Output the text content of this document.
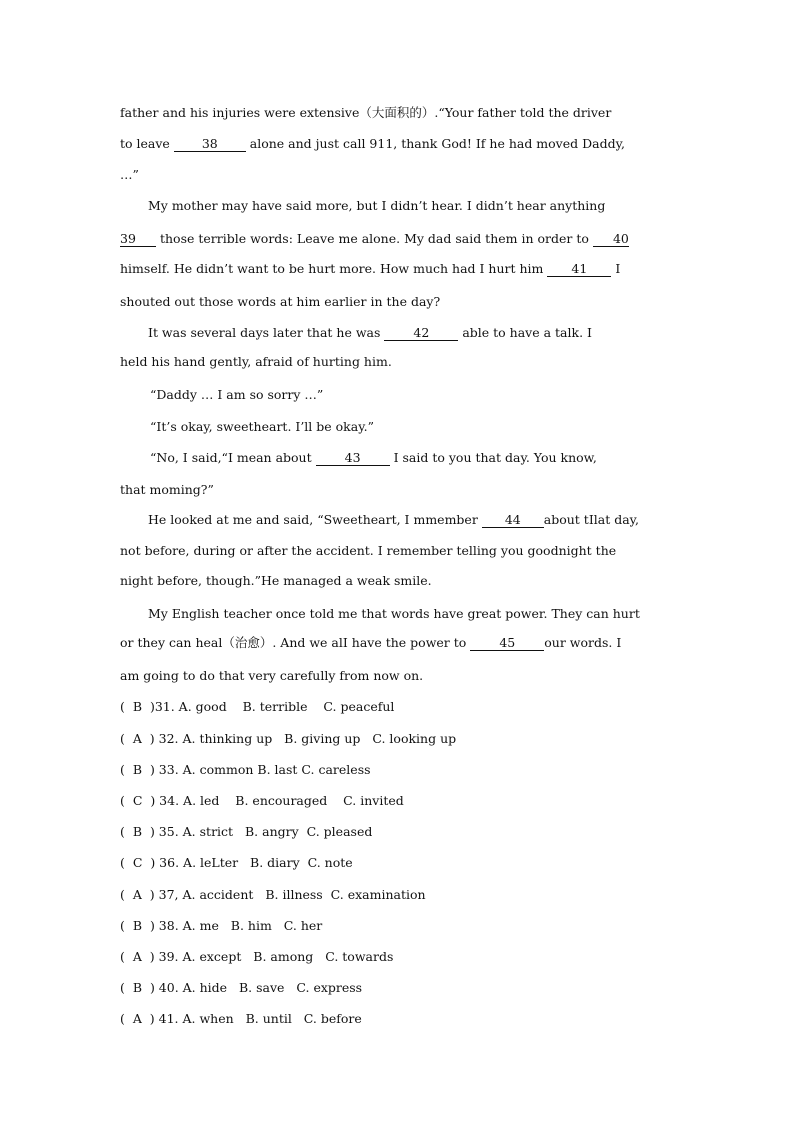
father and his injuries were extensive（大面积的）.“Your father told the driver
to leave 38 alone and just call 911, thank God! If he had moved Daddy,
…”
My mother may have said more, but I didn’t hear. I didn’t hear anything
39 those terrible words: Leave me alone. My dad said them in order to 40
himself. He didn’t want to be hurt more. How much had I hurt him 41 I
shouted out those words at him earlier in the day?
It was several days later that he was 42 able to have a talk. I
held his hand gently, afraid of hurting him.
“Daddy … I am so sorry …”
“It’s okay, sweetheart. I’ll be okay.”
“No, I said,“I mean about 43 I said to you that day. You know,
that moming?”
He looked at me and said, “Sweetheart, I mmember 44 about tIlat day,
not before, during or after the accident. I remember telling you goodnight the
night before, though.”He managed a weak smile.
My English teacher once told me that words have great power. They can hurt
or they can heal（治愈）. And we alI have the power to 45 our words. I
am going to do that very carefully from now on.
(  B  )31. A. good    B. terrible    C. peaceful
(  A  ) 32. A. thinking up   B. giving up   C. looking up
(  B  ) 33. A. common B. last C. careless
(  C  ) 34. A. led    B. encouraged    C. invited
(  B  ) 35. A. strict   B. angry  C. pleased
(  C  ) 36. A. leLter   B. diary  C. note
(  A  ) 37, A. accident   B. illness  C. examination
(  B  ) 38. A. me   B. him   C. her
(  A  ) 39. A. except   B. among   C. towards
(  B  ) 40. A. hide   B. save   C. express
(  A  ) 41. A. when   B. until   C. before
